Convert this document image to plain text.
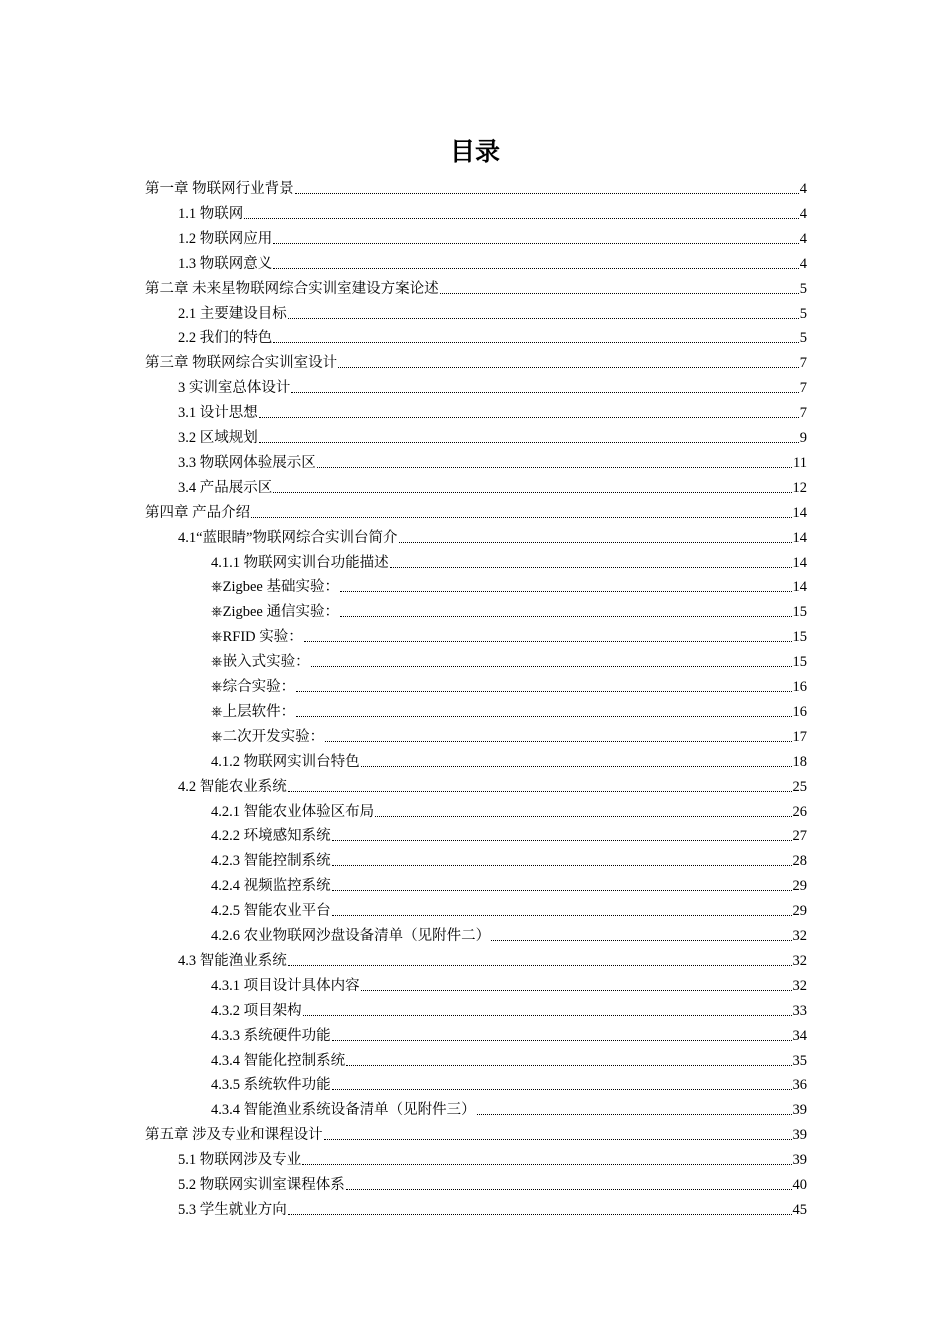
目录
第一章 物联网行业背景	4
1.1 物联网	4
1.2 物联网应用	4
1.3 物联网意义	4
第二章 未来星物联网综合实训室建设方案论述	5
2.1 主要建设目标	5
2.2 我们的特色	5
第三章 物联网综合实训室设计	7
3 实训室总体设计	7
3.1 设计思想	7
3.2 区域规划	9
3.3 物联网体验展示区	11
3.4 产品展示区	12
第四章 产品介绍	14
4.1“蓝眼睛”物联网综合实训台简介	14
4.1.1 物联网实训台功能描述	14
⎈Zigbee 基础实验：	14
⎈Zigbee 通信实验：	15
⎈RFID 实验：	15
⎈嵌入式实验：	15
⎈综合实验：	16
⎈上层软件：	16
⎈二次开发实验：	17
4.1.2 物联网实训台特色	18
4.2 智能农业系统	25
4.2.1 智能农业体验区布局	26
4.2.2 环境感知系统	27
4.2.3 智能控制系统	28
4.2.4 视频监控系统	29
4.2.5 智能农业平台	29
4.2.6 农业物联网沙盘设备清单（见附件二）	32
4.3 智能渔业系统	32
4.3.1 项目设计具体内容	32
4.3.2 项目架构	33
4.3.3 系统硬件功能	34
4.3.4 智能化控制系统	35
4.3.5 系统软件功能	36
4.3.4 智能渔业系统设备清单（见附件三）	39
第五章 涉及专业和课程设计	39
5.1 物联网涉及专业	39
5.2 物联网实训室课程体系	40
5.3 学生就业方向	45
